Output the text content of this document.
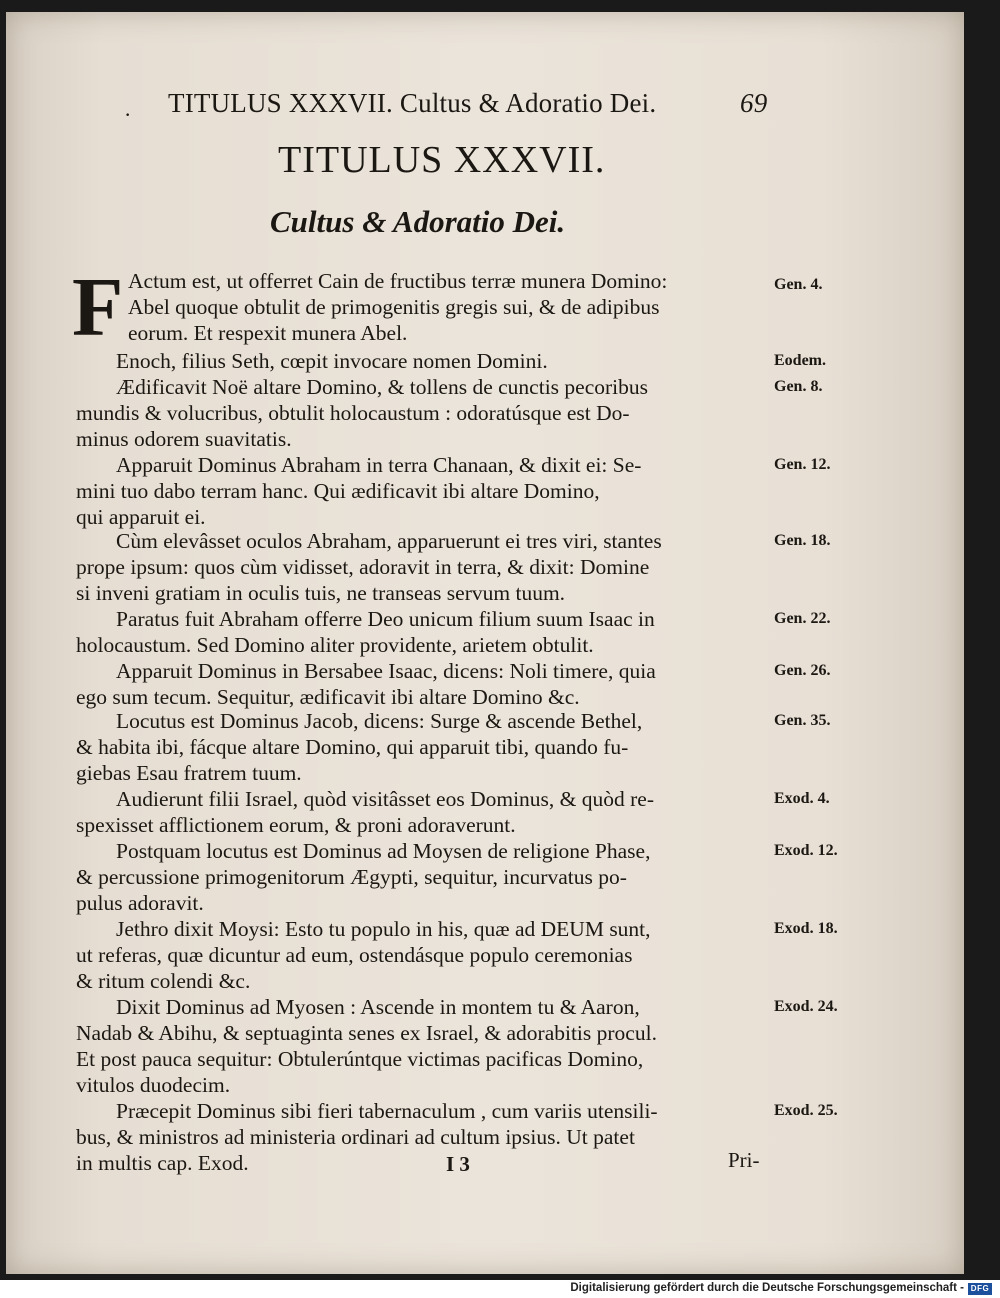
· TITULUS XXXVII. Cultus & Adoratio Dei.	69
TITULUS XXXVII.
Cultus & Adoratio Dei.
F Actum est, ut offerret Cain de fructibus terræ munera Domino:
Abel quoque obtulit de primogenitis gregis sui, & de adipibus
eorum. Et respexit munera Abel.
Enoch, filius Seth, cœpit invocare nomen Domini.
Ædificavit Noë altare Domino, & tollens de cunctis pecoribus
mundis & volucribus, obtulit holocaustum : odoratúsque est Do-
minus odorem suavitatis.
Apparuit Dominus Abraham in terra Chanaan, & dixit ei: Se-
mini tuo dabo terram hanc. Qui ædificavit ibi altare Domino,
qui apparuit ei.
Cùm elevâsset oculos Abraham, apparuerunt ei tres viri, stantes
prope ipsum: quos cùm vidisset, adoravit in terra, & dixit: Domine
si inveni gratiam in oculis tuis, ne transeas servum tuum.
Paratus fuit Abraham offerre Deo unicum filium suum Isaac in
holocaustum. Sed Domino aliter providente, arietem obtulit.
Apparuit Dominus in Bersabee Isaac, dicens: Noli timere, quia
ego sum tecum. Sequitur, ædificavit ibi altare Domino &c.
Locutus est Dominus Jacob, dicens: Surge & ascende Bethel,
& habita ibi, fácque altare Domino, qui apparuit tibi, quando fu-
giebas Esau fratrem tuum.
Audierunt filii Israel, quòd visitâsset eos Dominus, & quòd re-
spexisset afflictionem eorum, & proni adoraverunt.
Postquam locutus est Dominus ad Moysen de religione Phase,
& percussione primogenitorum Ægypti, sequitur, incurvatus po-
pulus adoravit.
Jethro dixit Moysi: Esto tu populo in his, quæ ad DEUM sunt,
ut referas, quæ dicuntur ad eum, ostendásque populo ceremonias
& ritum colendi &c.
Dixit Dominus ad Myosen : Ascende in montem tu & Aaron,
Nadab & Abihu, & septuaginta senes ex Israel, & adorabitis procul.
Et post pauca sequitur: Obtulerúntque victimas pacificas Domino,
vitulos duodecim.
Præcepit Dominus sibi fieri tabernaculum , cum variis utensili-
bus, & ministros ad ministeria ordinari ad cultum ipsius. Ut patet
in multis cap. Exod.
Gen. 4.
Eodem.
Gen. 8.
Gen. 12.
Gen. 18.
Gen. 22.
Gen. 26.
Gen. 35.
Exod. 4.
Exod. 12.
Exod. 18.
Exod. 24.
Exod. 25.
I 3	Pri-
Digitalisierung gefördert durch die Deutsche Forschungsgemeinschaft - DFG
